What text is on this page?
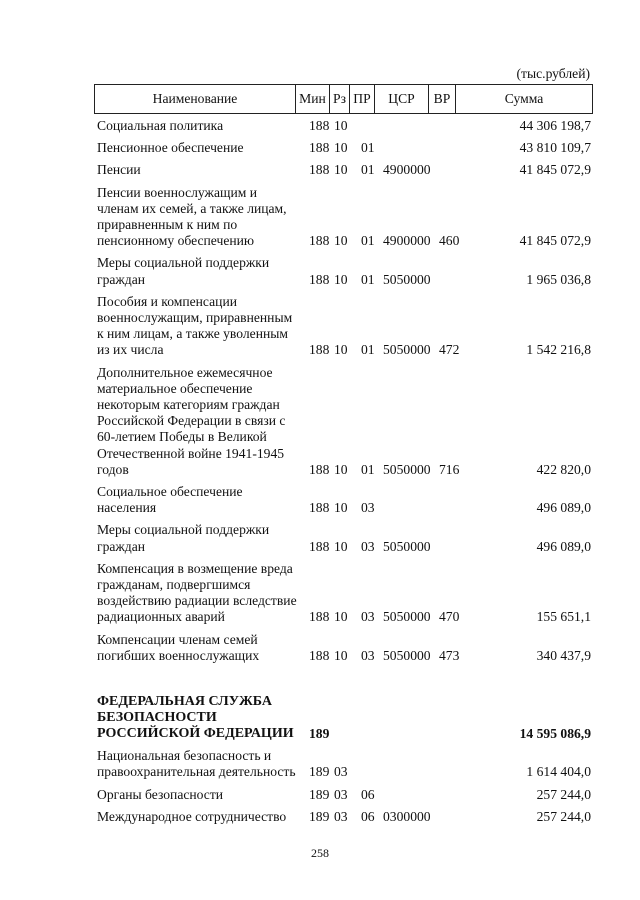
(тыс.рублей)
Наименование	Мин Рз ПР	ЦСР	ВР	Сумма
Социальная политика	188 10	44 306 198,7
Пенсионное обеспечение	188 10 01	43 810 109,7
Пенсии	188 10 01 4900000	41 845 072,9
Пенсии военнослужащим и членам их семей, а также лицам, приравненным к ним по пенсионному обеспечению	188 10 01 4900000 460	41 845 072,9
Меры социальной поддержки граждан	188 10 01 5050000	1 965 036,8
Пособия и компенсации военнослужащим, приравненным к ним лицам, а также уволенным из их числа	188 10 01 5050000 472	1 542 216,8
Дополнительное ежемесячное материальное обеспечение некоторым категориям граждан Российской Федерации в связи с 60-летием Победы в Великой Отечественной войне 1941-1945 годов	188 10 01 5050000 716	422 820,0
Социальное обеспечение населения	188 10 03	496 089,0
Меры социальной поддержки граждан	188 10 03 5050000	496 089,0
Компенсация в возмещение вреда гражданам, подвергшимся воздействию радиации вследствие радиационных аварий	188 10 03 5050000 470	155 651,1
Компенсации членам семей погибших военнослужащих	188 10 03 5050000 473	340 437,9
ФЕДЕРАЛЬНАЯ СЛУЖБА БЕЗОПАСНОСТИ РОССИЙСКОЙ ФЕДЕРАЦИИ 189	14 595 086,9
Национальная безопасность и правоохранительная деятельность 189 03	1 614 404,0
Органы безопасности	189 03 06	257 244,0
Международное сотрудничество	189 03 06 0300000	257 244,0
258
